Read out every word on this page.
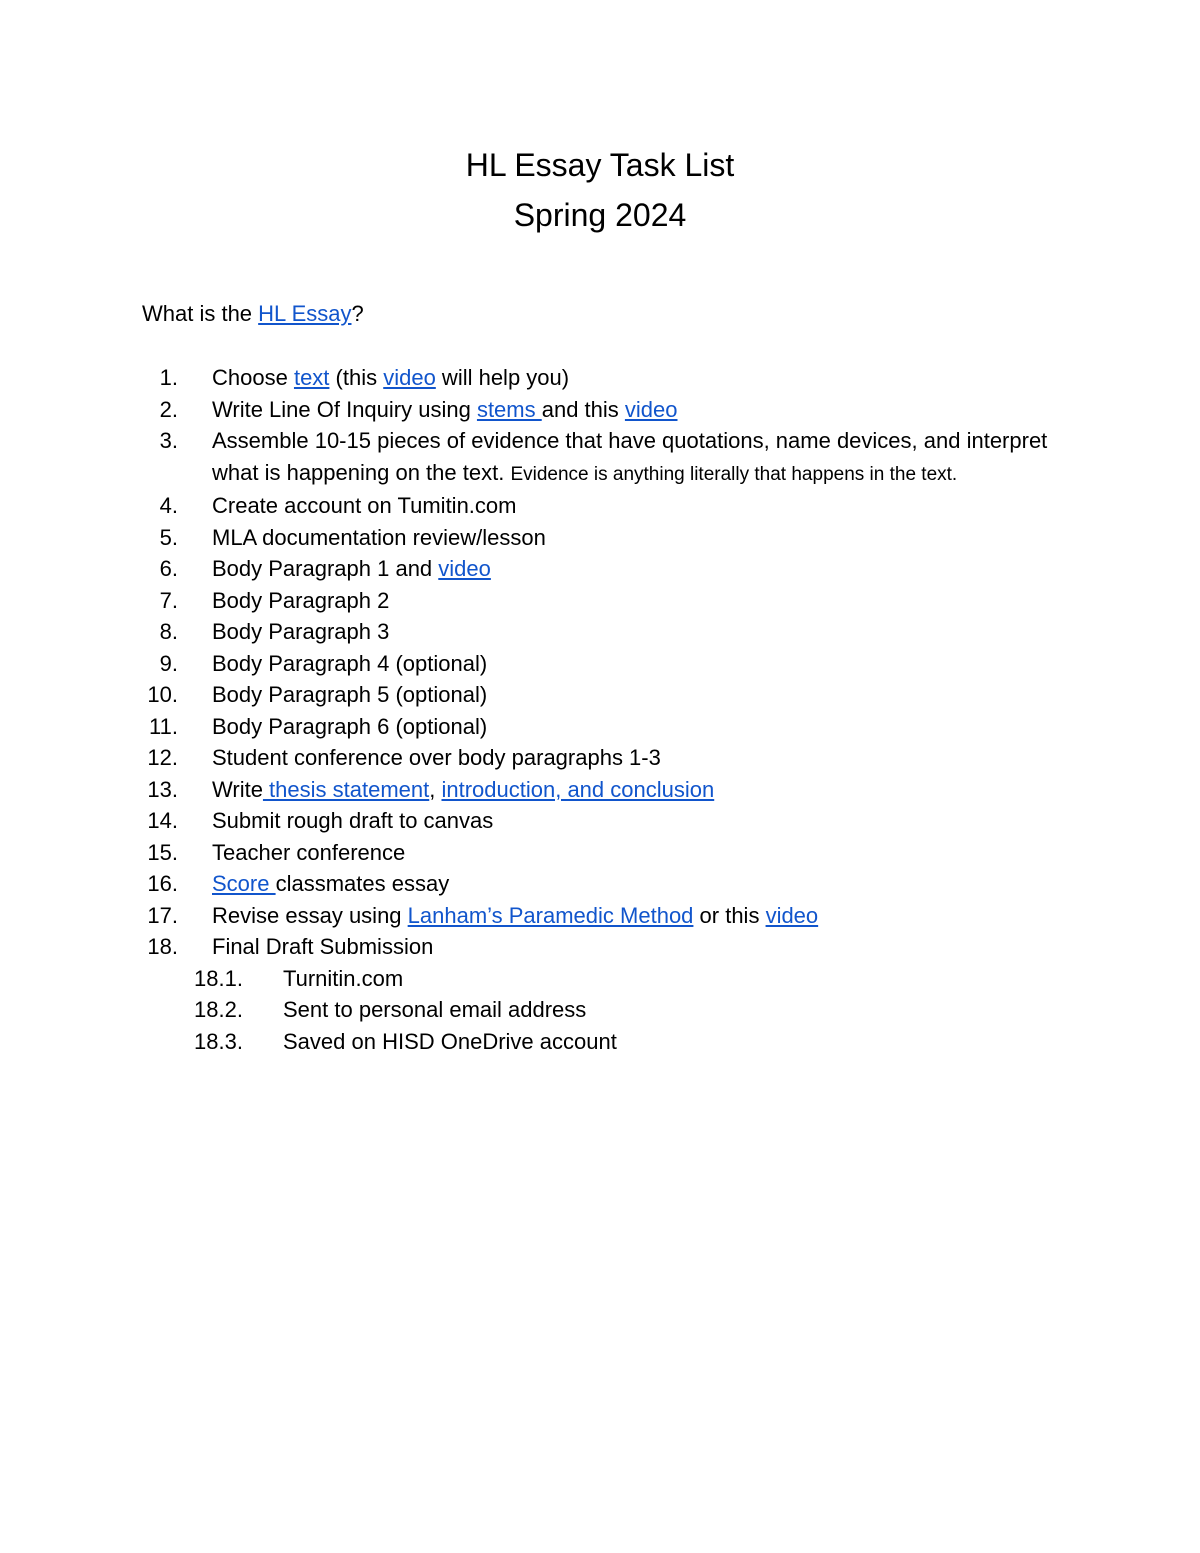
HL Essay Task List

Spring 2024

What is the HL Essay?

1. Choose text (this video will help you)
2. Write Line Of Inquiry using stems and this video
3. Assemble 10-15 pieces of evidence that have quotations, name devices, and interpret what is happening on the text. Evidence is anything literally that happens in the text.
4. Create account on Tumitin.com
5. MLA documentation review/lesson
6. Body Paragraph 1 and video
7. Body Paragraph 2
8. Body Paragraph 3
9. Body Paragraph 4 (optional)
10. Body Paragraph 5 (optional)
11. Body Paragraph 6 (optional)
12. Student conference over body paragraphs 1-3
13. Write thesis statement, introduction, and conclusion
14. Submit rough draft to canvas
15. Teacher conference
16. Score classmates essay
17. Revise essay using Lanham’s Paramedic Method or this video
18. Final Draft Submission
18.1.	Turnitin.com
18.2.	Sent to personal email address
18.3.	Saved on HISD OneDrive account
